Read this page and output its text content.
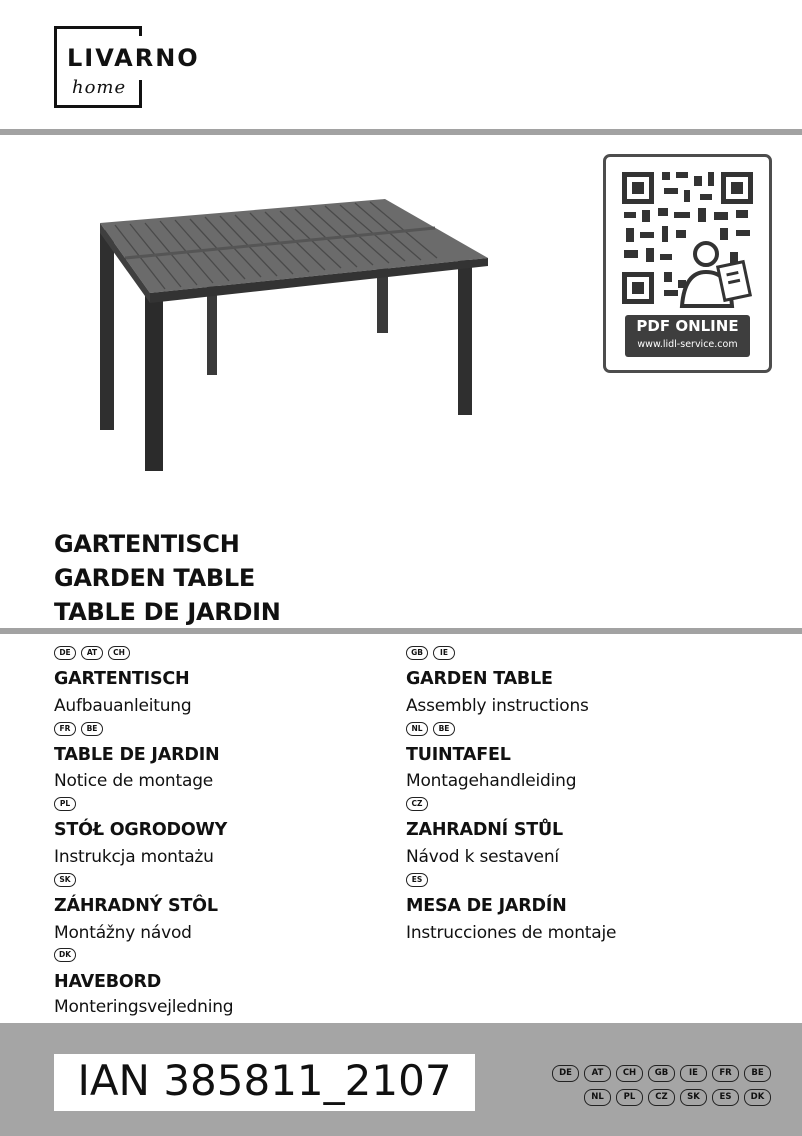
LIVARNO
home
PDF ONLINE
www.lidl-service.com
GARTENTISCH
GARDEN TABLE
TABLE DE JARDIN
DE	AT	CH
GARTENTISCH
Aufbauanleitung
FR	BE
TABLE DE JARDIN
Notice de montage
PL
STÓŁ OGRODOWY
Instrukcja montażu
SK
ZÁHRADNÝ STÔL
Montážny návod
DK
HAVEBORD
Monteringsvejledning
GB	IE
GARDEN TABLE
Assembly instructions
NL	BE
TUINTAFEL
Montagehandleiding
CZ
ZAHRADNÍ STŮL
Návod k sestavení
ES
MESA DE JARDÍN
Instrucciones de montaje
IAN 385811_2107	DE	AT	CH	GB	IE	FR	BE
NL	PL	CZ	SK	ES	DK
